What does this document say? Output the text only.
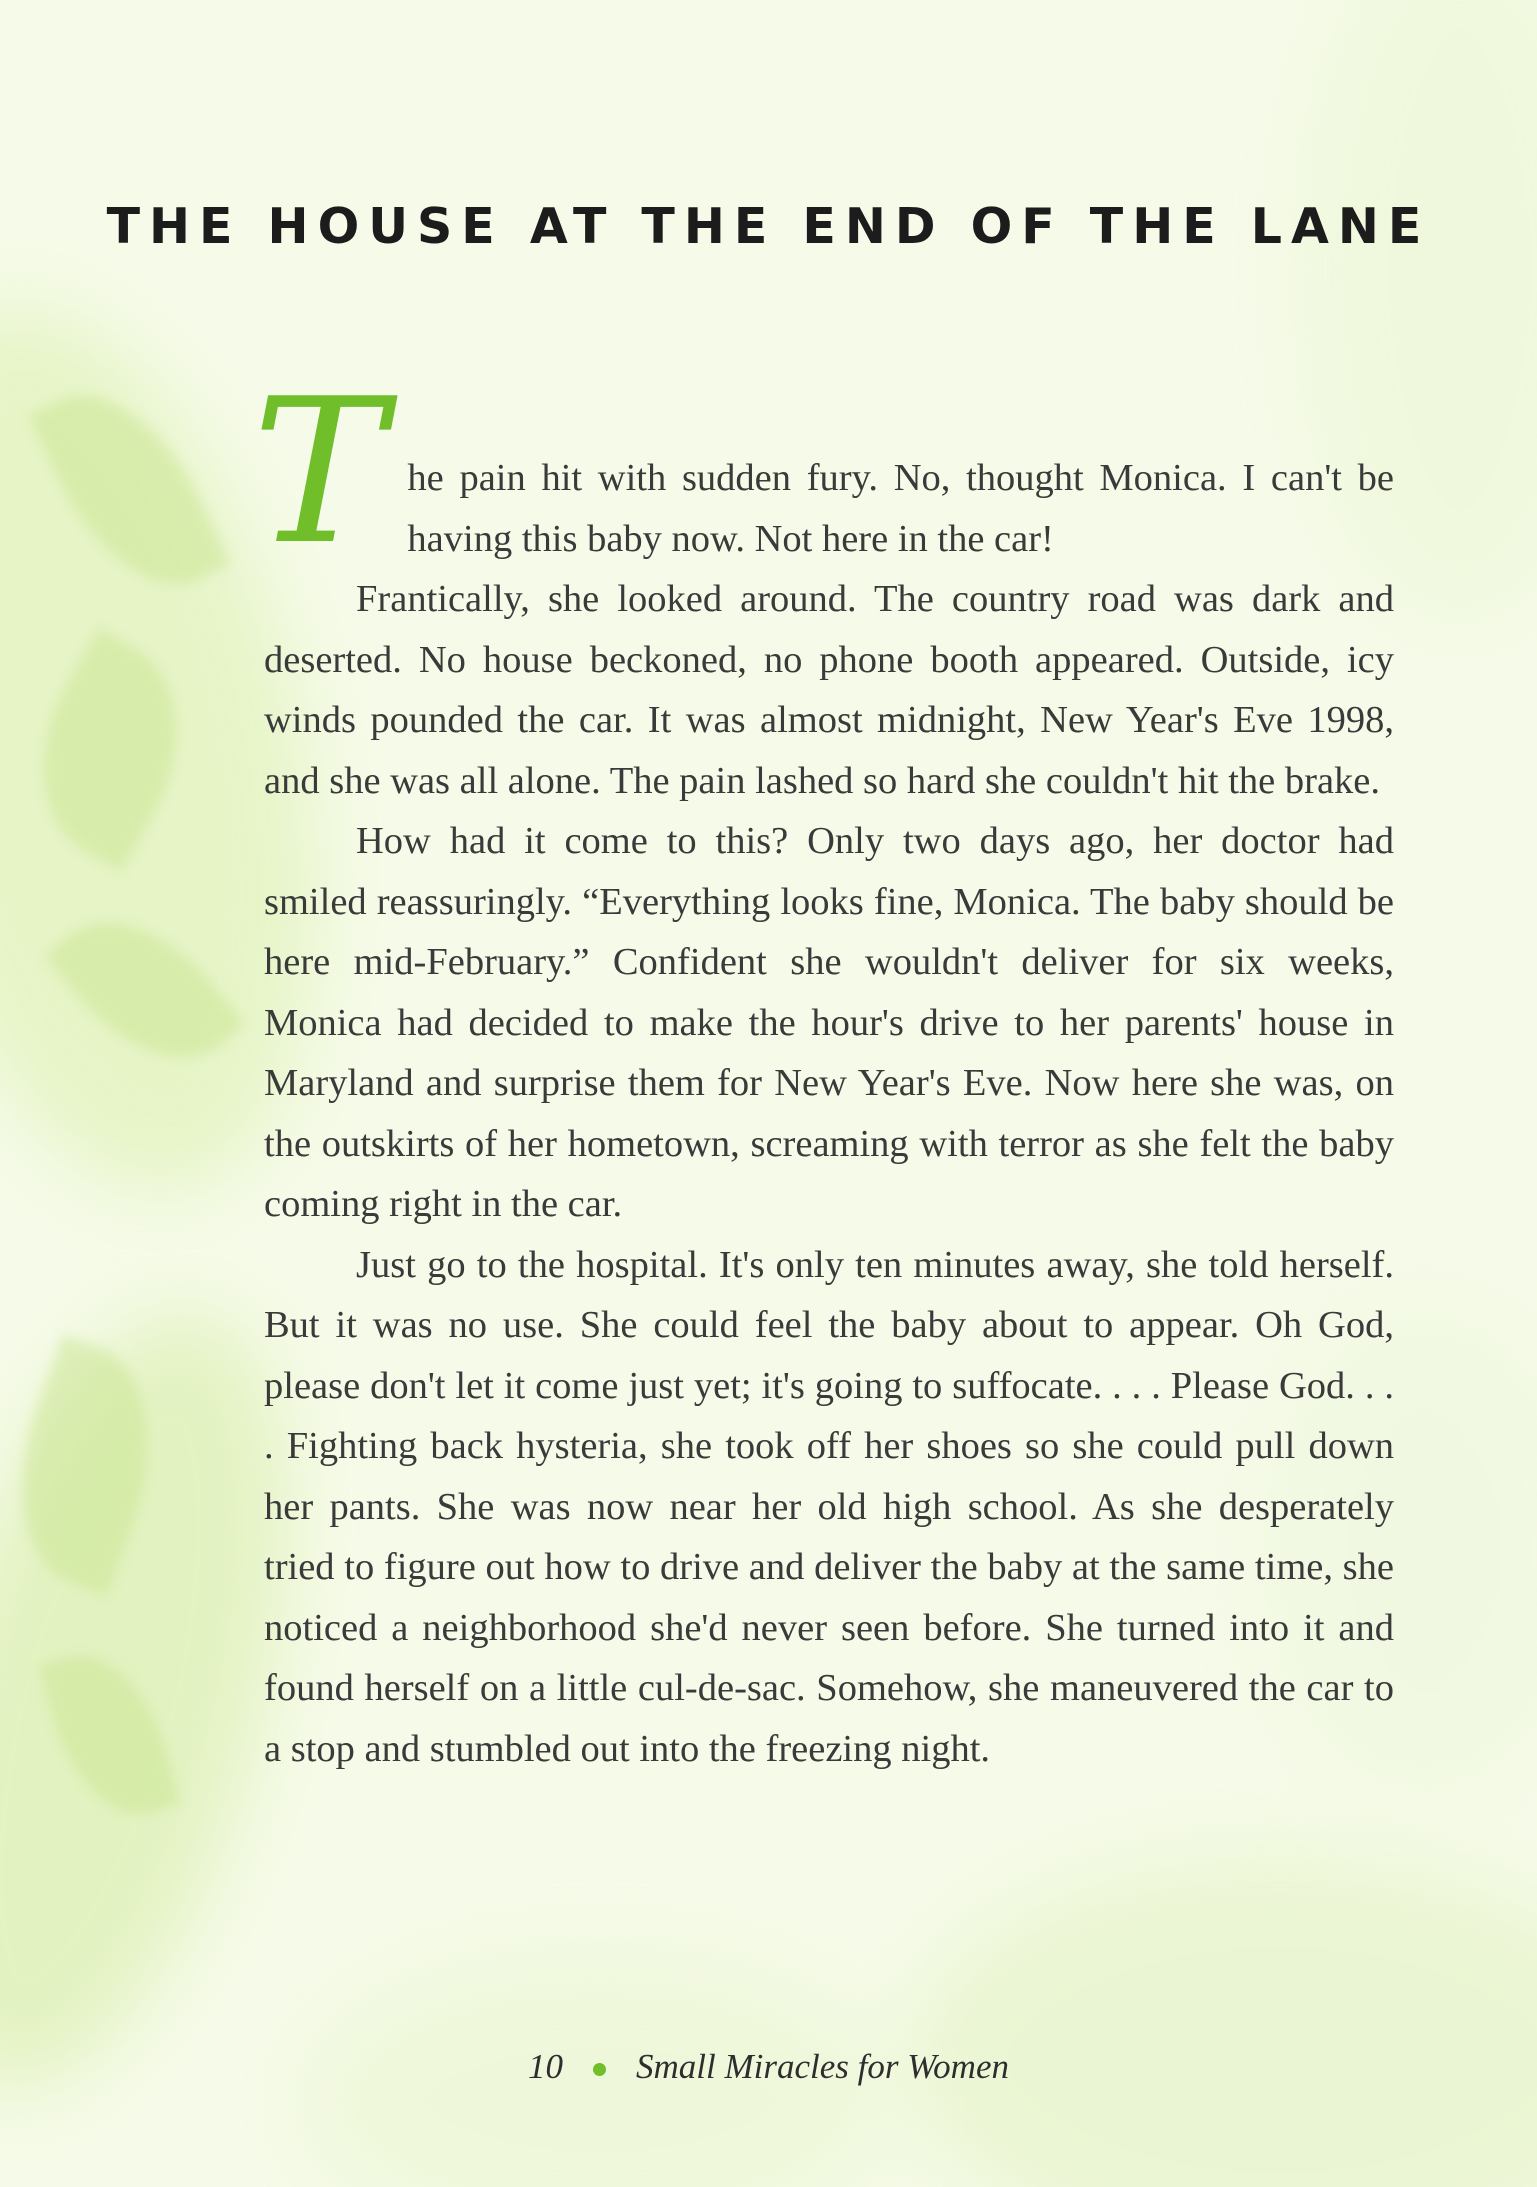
THE HOUSE AT THE END OF THE LANE

The pain hit with sudden fury. No, thought Monica. I can't be having this baby now. Not here in the car!

Frantically, she looked around. The country road was dark and deserted. No house beckoned, no phone booth appeared. Outside, icy winds pounded the car. It was almost midnight, New Year's Eve 1998, and she was all alone. The pain lashed so hard she couldn't hit the brake.

How had it come to this? Only two days ago, her doctor had smiled reassuringly. “Everything looks fine, Monica. The baby should be here mid-February.” Confident she wouldn't deliver for six weeks, Monica had decided to make the hour's drive to her parents' house in Maryland and surprise them for New Year's Eve. Now here she was, on the outskirts of her hometown, screaming with terror as she felt the baby coming right in the car.

Just go to the hospital. It's only ten minutes away, she told herself. But it was no use. She could feel the baby about to appear. Oh God, please don't let it come just yet; it's going to suffocate. . . . Please God. . . . Fighting back hysteria, she took off her shoes so she could pull down her pants. She was now near her old high school. As she desperately tried to figure out how to drive and deliver the baby at the same time, she noticed a neighborhood she'd never seen before. She turned into it and found herself on a little cul-de-sac. Somehow, she maneuvered the car to a stop and stumbled out into the freezing night.

10 Small Miracles for Women
